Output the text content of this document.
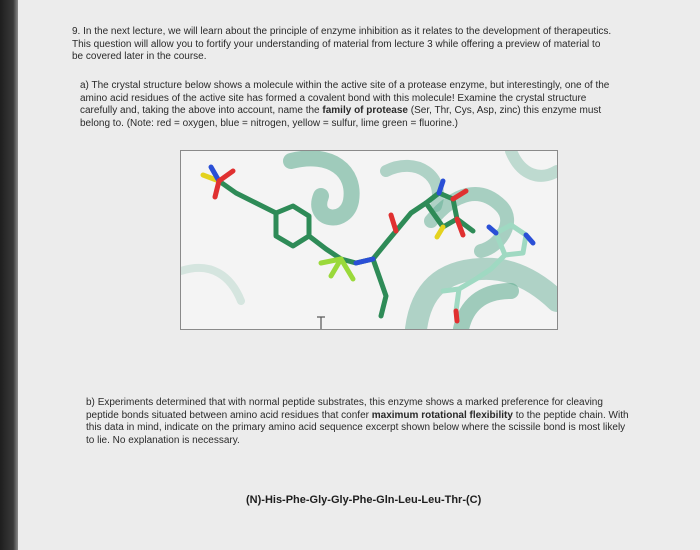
9. In the next lecture, we will learn about the principle of enzyme inhibition as it relates to the development of therapeutics. This question will allow you to fortify your understanding of material from lecture 3 while offering a preview of material to be covered later in the course.

a) The crystal structure below shows a molecule within the active site of a protease enzyme, but interestingly, one of the amino acid residues of the active site has formed a covalent bond with this molecule! Examine the crystal structure carefully and, taking the above into account, name the family of protease (Ser, Thr, Cys, Asp, zinc) this enzyme must belong to. (Note: red = oxygen, blue = nitrogen, yellow = sulfur, lime green = fluorine.)

b) Experiments determined that with normal peptide substrates, this enzyme shows a marked preference for cleaving peptide bonds situated between amino acid residues that confer maximum rotational flexibility to the peptide chain. With this data in mind, indicate on the primary amino acid sequence excerpt shown below where the scissile bond is most likely to lie. No explanation is necessary.

(N)-His-Phe-Gly-Gly-Phe-Gln-Leu-Leu-Thr-(C)
